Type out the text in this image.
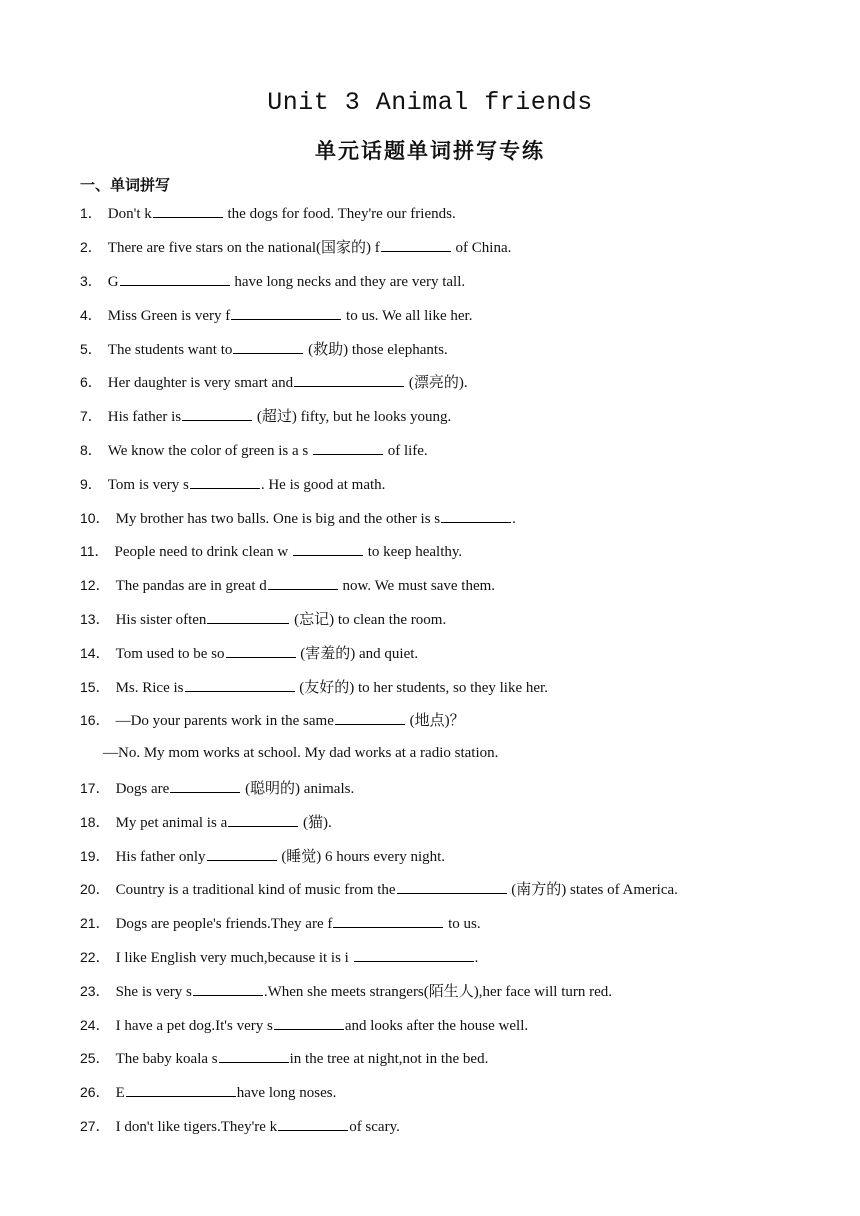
Unit 3 Animal friends
单元话题单词拼写专练
一、单词拼写
1． Don't k	the dogs for food. They're our friends.
2． There are five stars on the national(国家的) f	of China.
3． G	have long necks and they are very tall.
4． Miss Green is very f	to us. We all like her.
5． The students want to	(救助) those elephants.
6． Her daughter is very smart and	(漂亮的).
7． His father is	(超过) fifty, but he looks young.
8． We know the color of green is a s	of life.
9． Tom is very s	. He is good at math.
10． My brother has two balls. One is big and the other is s	.
11． People need to drink clean w	to keep healthy.
12． The pandas are in great d	now. We must save them.
13． His sister often	(忘记) to clean the room.
14． Tom used to be so	(害羞的) and quiet.
15． Ms. Rice is	(友好的) to her students, so they like her.
16． —Do your parents work in the same	(地点)？
—No. My mom works at school. My dad works at a radio station.
17． Dogs are	(聪明的) animals.
18． My pet animal is a	(猫).
19． His father only	(睡觉) 6 hours every night.
20． Country is a traditional kind of music from the	(南方的) states of America.
21． Dogs are people's friends.They are f	to us.
22． I like English very much,because it is i	.
23． She is very s	.When she meets strangers(陌生人),her face will turn red.
24． I have a pet dog.It's very s	and looks after the house well.
25． The baby koala s	in the tree at night,not in the bed.
26． E	have long noses.
27． I don't like tigers.They're k	of scary.
